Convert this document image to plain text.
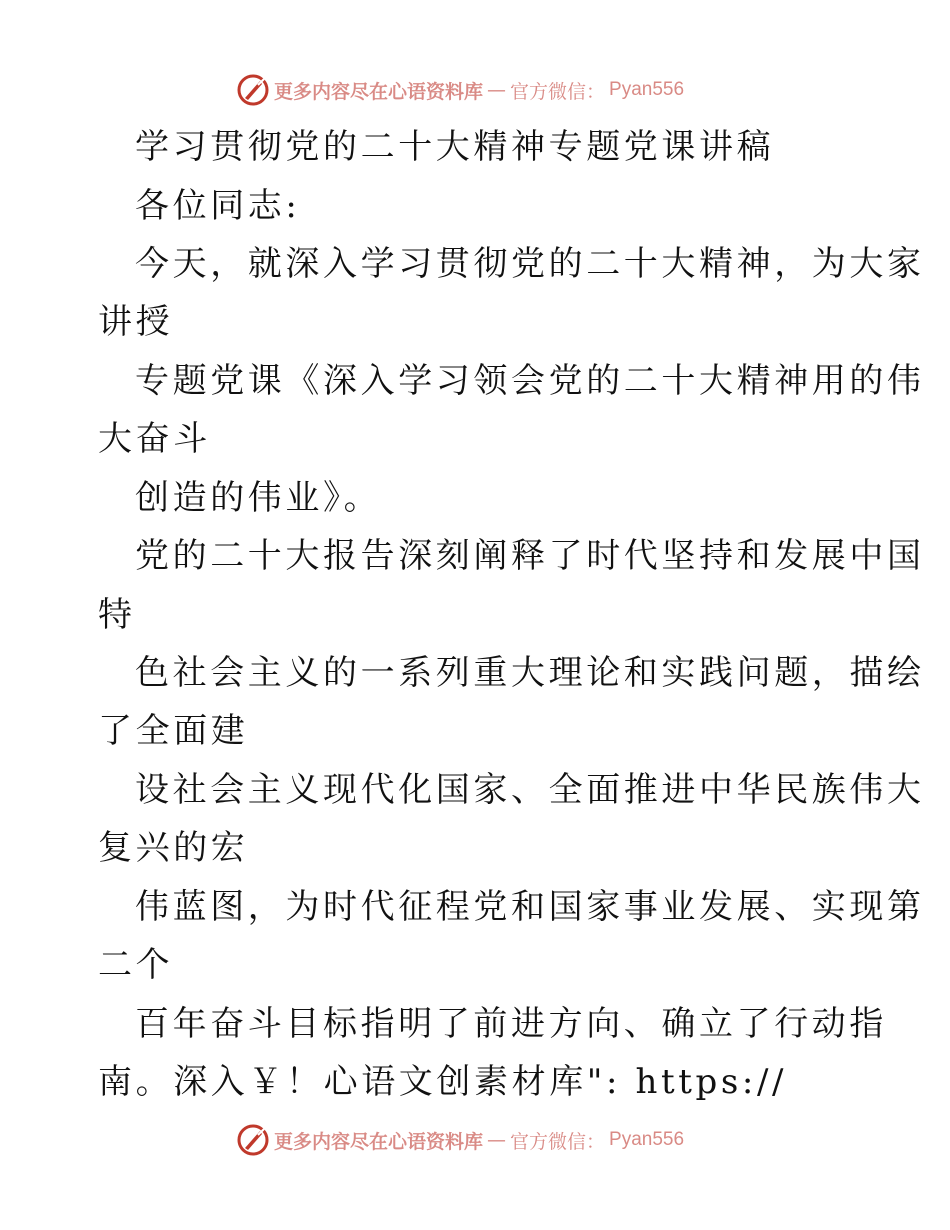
更多内容尽在心语资料库 — 官方微信： Pyan556
学习贯彻党的二十大精神专题党课讲稿
各位同志:
今天，就深入学习贯彻党的二十大精神，为大家
讲授
专题党课《深入学习领会党的二十大精神用的伟
大奋斗
创造的伟业》。
党的二十大报告深刻阐释了时代坚持和发展中国
特
色社会主义的一系列重大理论和实践问题，描绘
了全面建
设社会主义现代化国家、全面推进中华民族伟大
复兴的宏
伟蓝图，为时代征程党和国家事业发展、实现第
二个
百年奋斗目标指明了前进方向、确立了行动指
南。深入￥！心语文创素材库": https://
更多内容尽在心语资料库 — 官方微信： Pyan556
